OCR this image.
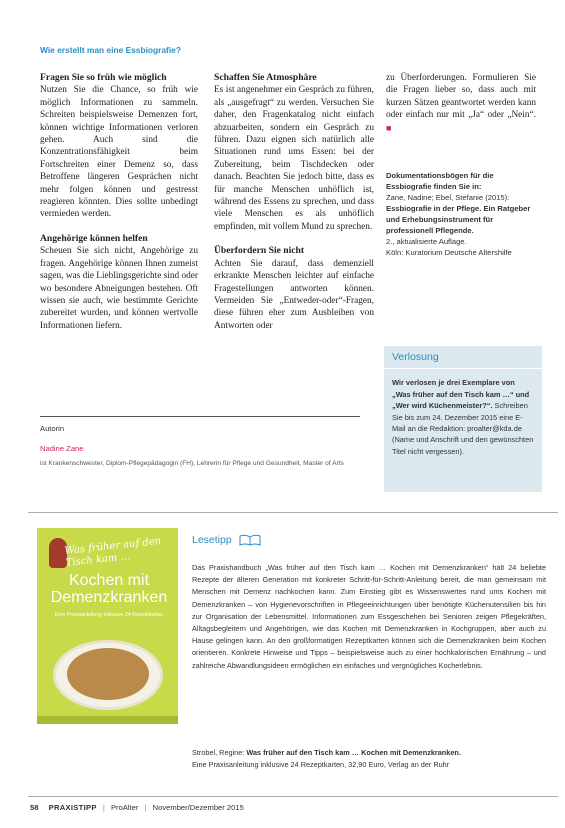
Wie erstellt man eine Essbiografie?
Fragen Sie so früh wie möglich

Nutzen Sie die Chance, so früh wie möglich Informationen zu sammeln. Schreiten beispielsweise Demenzen fort, können wichtige Informationen verloren gehen. Auch sind die Konzentrationsfähigkeit beim Fortschreiten einer Demenz so, dass Betroffene längeren Gesprächen nicht mehr folgen können und gestresst reagieren könnten. Dies sollte unbedingt vermieden werden.

Angehörige können helfen

Scheuen Sie sich nicht, Angehörige zu fragen. Angehörige können Ihnen zumeist sagen, was die Lieblingsgerichte sind oder wo besondere Abneigungen bestehen. Oft wissen sie auch, wie bestimmte Gerichte zubereitet wurden, und können wertvolle Informationen liefern.

Schaffen Sie Atmosphäre

Es ist angenehmer ein Gespräch zu führen, als „ausgefragt“ zu werden. Versuchen Sie daher, den Fragenkatalog nicht einfach abzuarbeiten, sondern ein Gespräch zu führen. Dazu eignen sich natürlich alle Situationen rund ums Essen: bei der Zubereitung, beim Tischdecken oder danach. Beachten Sie jedoch bitte, dass es für manche Menschen unhöflich ist, während des Essens zu sprechen, und dass viele Menschen es als unhöflich empfinden, mit vollem Mund zu sprechen.

Überfordern Sie nicht

Achten Sie darauf, dass demenziell erkrankte Menschen leichter auf einfache Fragestellungen antworten können. Vermeiden Sie „Entweder-oder“-Fragen, diese führen eher zum Ausbleiben von Antworten oder

zu Überforderungen. Formulieren Sie die Fragen lieber so, dass auch mit kurzen Sätzen geantwortet werden kann oder einfach nur mit „Ja“ oder „Nein“. ■

Dokumentationsbögen für die Essbiografie finden Sie in:
Zane, Nadine; Ebel, Stefanie (2015):
Essbiografie in der Pflege. Ein Ratgeber und Erhebungsinstrument für professionell Pflegende.
2., aktualisierte Auflage.
Köln: Kuratorium Deutsche Altershilfe
Verlosung
Wir verlosen je drei Exemplare von „Was früher auf den Tisch kam …“ und „Wer wird Küchenmeister?“. Schreiben Sie bis zum 24. Dezember 2015 eine E-Mail an die Redaktion: proalter@kda.de (Name und Anschrift und den gewünschten Titel nicht vergessen).
Autorin
Nadine Zane
ist Krankenschwester, Diplom-Pflegepädagogin (FH), Lehrerin für Pflege und Gesundheit, Master of Arts
Was früher auf den Tisch kam …
Kochen mit Demenzkranken
Eine Praxisanleitung inklusive 24 Rezeptkarten
Lesetipp
Das Praxishandbuch „Was früher auf den Tisch kam … Kochen mit Demenzkranken“ hält 24 beliebte Rezepte der älteren Generation mit konkreter Schritt-für-Schritt-Anleitung bereit, die man gemeinsam mit Menschen mit Demenz nachkochen kann. Zum Einstieg gibt es Wissenswertes rund ums Kochen mit Demenzkranken – von Hygienevorschriften in Pflegeeinrichtungen über benötigte Küchenutensilien bis hin zur Organisation der Lebensmittel. Informationen zum Essgeschehen bei Senioren zeigen Pflegekräften, Alltagsbegleitern und Angehörigen, wie das Kochen mit Demenzkranken in Kochgruppen, aber auch zu Hause gelingen kann. An den großformatigen Rezeptkarten können sich die Demenzkranken beim Kochen orientieren. Konkrete Hinweise und Tipps – beispielsweise auch zu einer hochkalorischen Ernährung – und zahlreiche Abwandlungsideen ermöglichen ein einfaches und vergnügliches Kocherlebnis.
Strobel, Regine: Was früher auf den Tisch kam … Kochen mit Demenzkranken.
Eine Praxisanleitung inklusive 24 Rezeptkarten, 32,90 Euro, Verlag an der Ruhr
58 PRAXISTIPP | ProAlter | November/Dezember 2015
